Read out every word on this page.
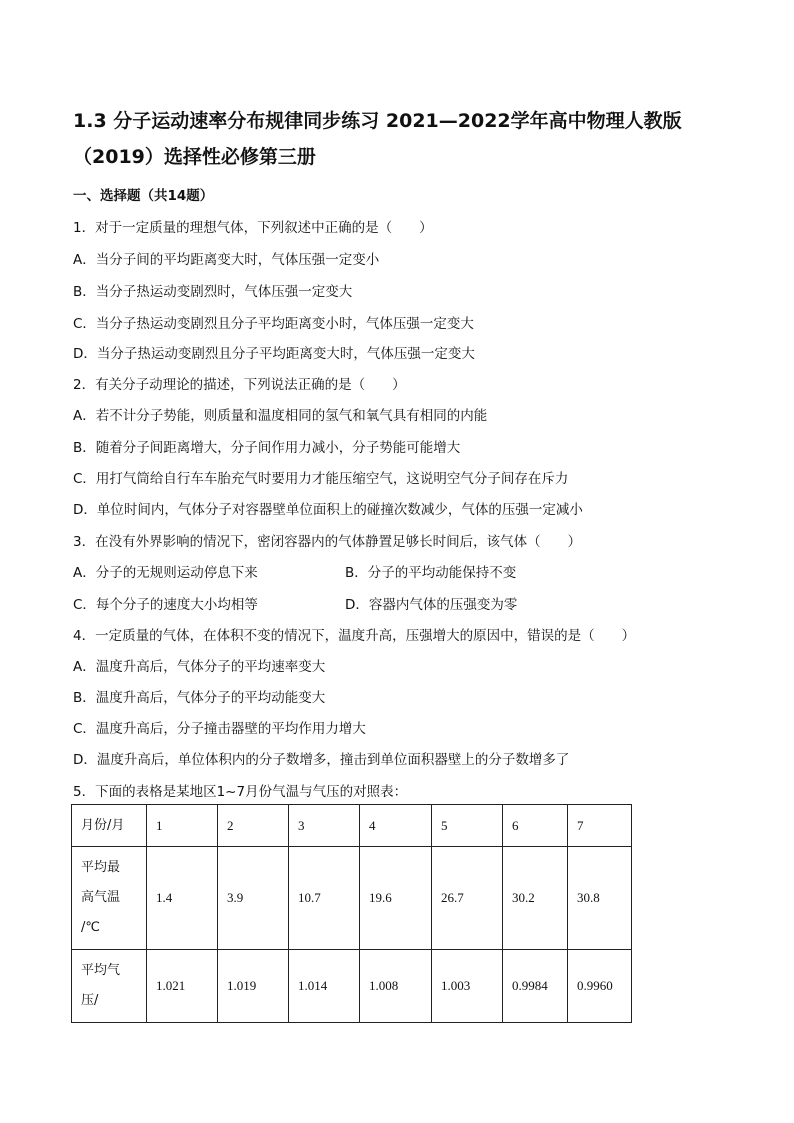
1.3 分子运动速率分布规律同步练习 2021—2022学年高中物理人教版
（2019）选择性必修第三册
一、选择题（共14题）
1．对于一定质量的理想气体，下列叙述中正确的是（　　）
A．当分子间的平均距离变大时，气体压强一定变小
B．当分子热运动变剧烈时，气体压强一定变大
C．当分子热运动变剧烈且分子平均距离变小时，气体压强一定变大
D．当分子热运动变剧烈且分子平均距离变大时，气体压强一定变大
2．有关分子动理论的描述，下列说法正确的是（　　）
A．若不计分子势能，则质量和温度相同的氢气和氧气具有相同的内能
B．随着分子间距离增大，分子间作用力减小，分子势能可能增大
C．用打气筒给自行车车胎充气时要用力才能压缩空气，这说明空气分子间存在斥力
D．单位时间内，气体分子对容器壁单位面积上的碰撞次数减少，气体的压强一定减小
3．在没有外界影响的情况下，密闭容器内的气体静置足够长时间后，该气体（　　）
A．分子的无规则运动停息下来	B．分子的平均动能保持不变
C．每个分子的速度大小均相等	D．容器内气体的压强变为零
4．一定质量的气体，在体积不变的情况下，温度升高，压强增大的原因中，错误的是（　　）
A．温度升高后，气体分子的平均速率变大
B．温度升高后，气体分子的平均动能变大
C．温度升高后，分子撞击器壁的平均作用力增大
D．温度升高后，单位体积内的分子数增多，撞击到单位面积器壁上的分子数增多了
5．下面的表格是某地区1~7月份气温与气压的对照表：
月份/月	1	2	3	4	5	6	7

平均最
高气温
/℃	1.4	3.9	10.7	19.6	26.7	30.2	30.8

平均气
压/	1.021	1.019	1.014	1.008	1.003	0.9984	0.9960
